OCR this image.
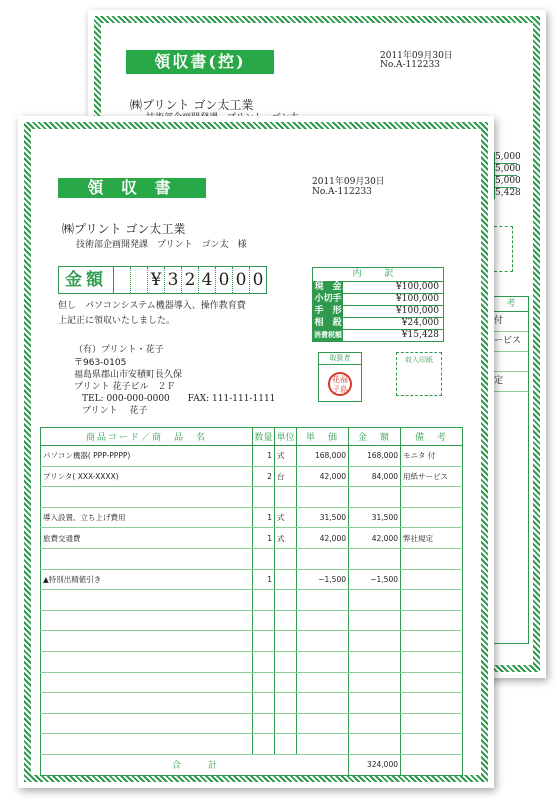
領収書(控)	2011年09月30日
No.A-112233
㈱プリント ゴン太工業
5,000
5,000
5,000
5,428
考
付
ービス
定
領 収 書	2011年09月30日
No.A-112233
㈱プリント ゴン太工業
技術部企画開発課　プリント　ゴン太　様
金額	¥ 3 2 4 0 0 0
但し　パソコンシステム機器導入、操作教育費
上記正に領収いたしました。
（有）プリント・花子
〒963-0105
福島県郡山市安積町長久保
プリント 花子ビル　２Ｆ
TEL: 000-000-0000　　FAX: 111-111-1111
プリント　 花子
内 訳
現　金	¥100,000
小切手	¥100,000
手　形	¥100,000
相　殺	¥24,000
消費税額	¥15,428
取扱者
花福子島
収入印紙
商品コード／商　品　名	数量	単位	単　価	金　額	備　考
パソコン機器( PPP-PPPP)	1	式	168,000	168,000	モニタ 付
プリンタ( XXX-XXXX)	2	台	42,000	84,000	用紙サービス

導入設置、立ち上げ費用	1	式	31,500	31,500	
旅費交通費	1	式	42,000	42,000	弊社規定

▲特別出精値引き	1		−1,500	−1,500	

合　　　計				324,000	
